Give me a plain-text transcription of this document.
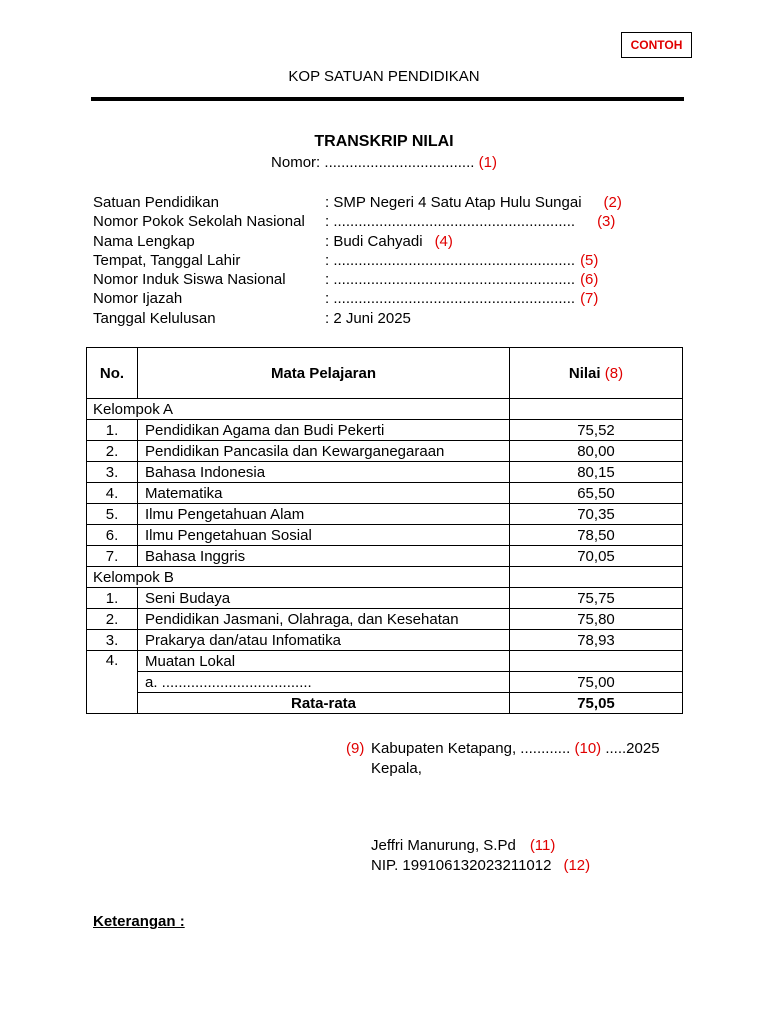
CONTOH
KOP SATUAN PENDIDIKAN
TRANSKRIP NILAI
Nomor: .................................... (1)
Satuan Pendidikan	: SMP Negeri 4 Satu Atap Hulu Sungai (2)
Nomor Pokok Sekolah Nasional : .......................................................... (3)
Nama Lengkap	: Budi Cahyadi (4)
Tempat, Tanggal Lahir	: .......................................................... (5)
Nomor Induk Siswa Nasional	: .......................................................... (6)
Nomor Ijazah	: .......................................................... (7)
Tanggal Kelulusan	: 2 Juni 2025
No.	Mata Pelajaran	Nilai (8)
Kelompok A		
1.	Pendidikan Agama dan Budi Pekerti	75,52
2.	Pendidikan Pancasila dan Kewarganegaraan	80,00
3.	Bahasa Indonesia	80,15
4.	Matematika	65,50
5.	Ilmu Pengetahuan Alam	70,35
6.	Ilmu Pengetahuan Sosial	78,50
7.	Bahasa Inggris	70,05
Kelompok B		
1.	Seni Budaya	75,75
2.	Pendidikan Jasmani, Olahraga, dan Kesehatan	75,80
3.	Prakarya dan/atau Infomatika	78,93
4.	Muatan Lokal	
	a. ....................................	75,00
	Rata-rata	75,05
(9) Kabupaten Ketapang, ............ (10) .....2025
Kepala,
Jeffri Manurung, S.Pd (11)
NIP. 199106132023211012 (12)
Keterangan :
